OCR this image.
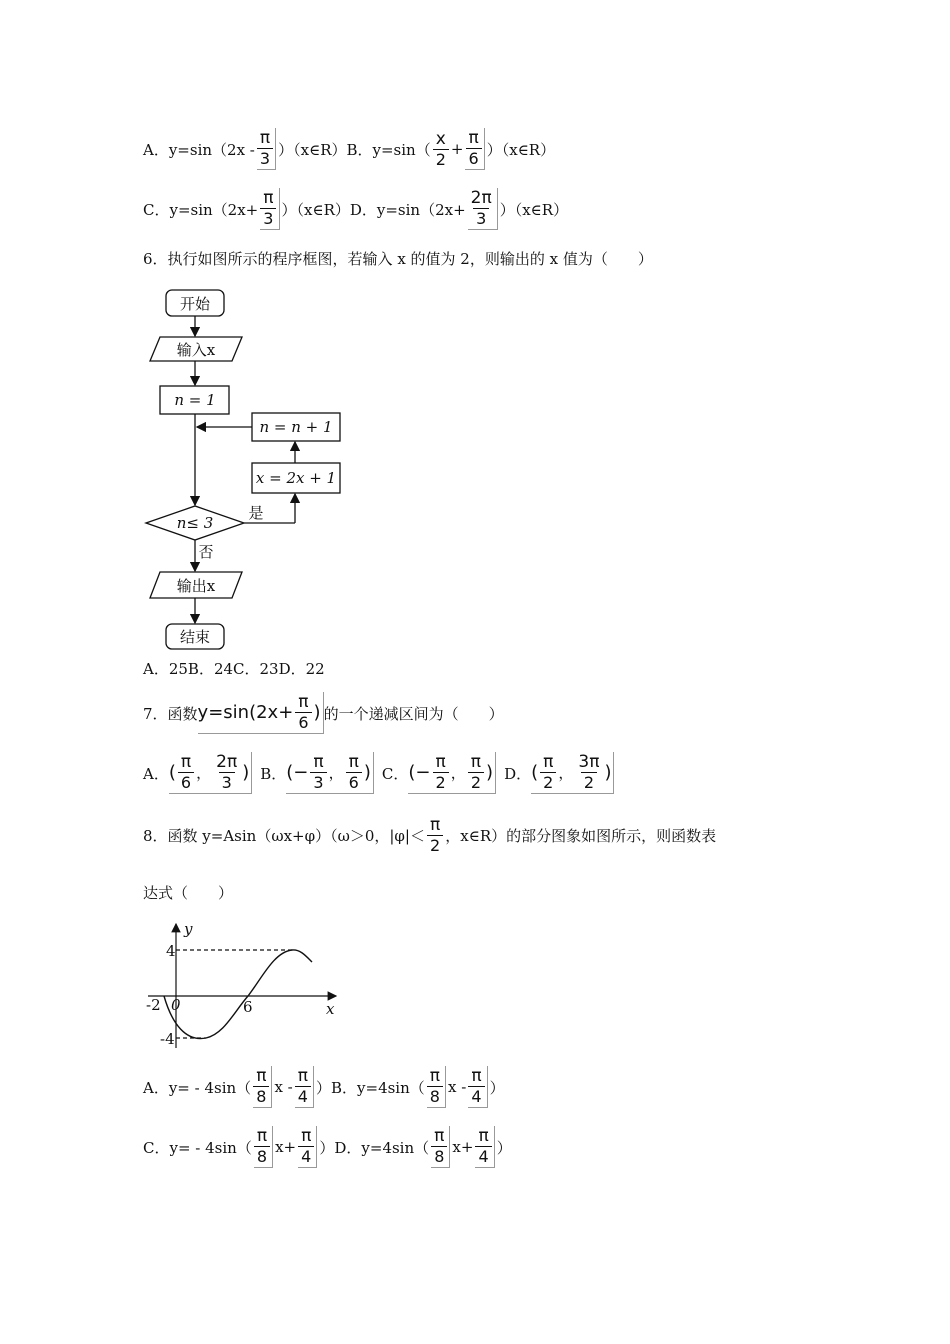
A．$y=\sin(2x - \frac{\pi}{3}$ ）（x∈R） B．$y=\sin( \frac{x}{2} + \frac{\pi}{6}$ ）（x∈R）
C．$y=\sin(2x+ \frac{\pi}{3}$ ）（x∈R） D．$y=\sin(2x+ \frac{2\pi}{3}$ ）（x∈R）
6．执行如图所示的程序框图，若输入 x 的值为 2，则输出的 x 值为（　　）
开始
输入x
n = 1
n = n + 1
x = 2x + 1
n≤ 3
是
否
输出x
结束
A．25B．24C．23D．22
7．函数 $y=\sin(2x+ \frac{\pi}{6}$ ) 的一个递减区间为（　　）
A． ( $\frac{\pi}{6}$ ， $\frac{2\pi}{3}$ ) B． (− $\frac{\pi}{3}$ ， $\frac{\pi}{6}$ ) C． (− $\frac{\pi}{2}$ ， $\frac{\pi}{2}$ ) D． ( $\frac{\pi}{2}$ ， $\frac{3\pi}{2}$ )
8．函数 y=Asin（ωx+φ）（ω＞0，$|\varphi|< \frac{\pi}{2}$ ，x∈R）的部分图象如图所示，则函数表
达式（　　）
y
x
4
-4
-2 0	6
A．$y= - 4\sin( \frac{\pi}{8}$ x - $\frac{\pi}{4}$ ） B．$y=4\sin( \frac{\pi}{8}$ x - $\frac{\pi}{4}$ ）
C．$y= - 4\sin( \frac{\pi}{8} x+ \frac{\pi}{4}$ ） D．$y=4\sin( \frac{\pi}{8} x+ \frac{\pi}{4}$ ）
